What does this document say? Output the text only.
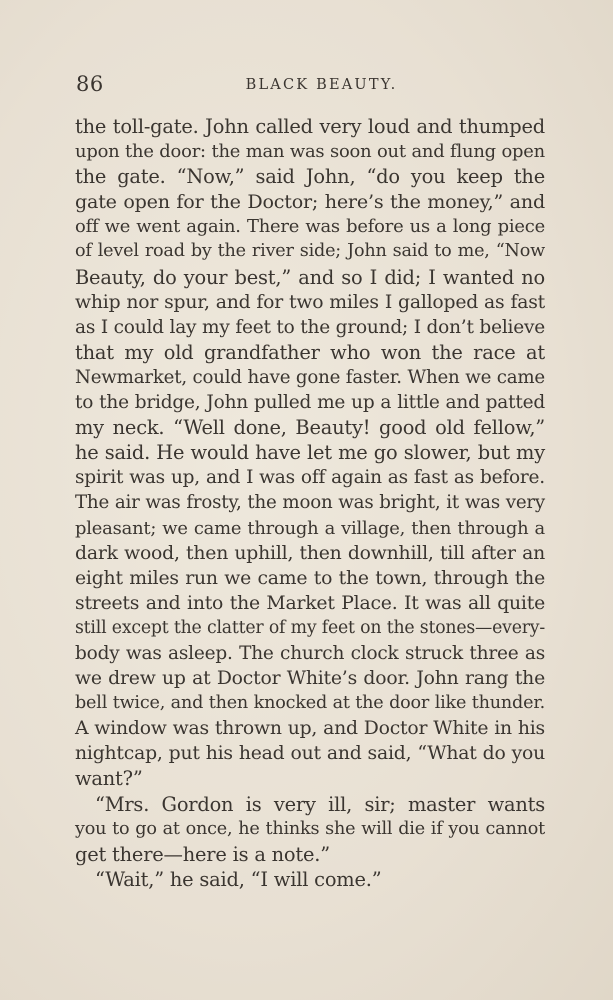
86	BLACK BEAUTY.
the toll-gate. John called very loud and thumped
upon the door: the man was soon out and flung open
the gate. “Now,” said John, “do you keep the
gate open for the Doctor; here’s the money,” and
off we went again. There was before us a long piece
of level road by the river side; John said to me, “Now
Beauty, do your best,” and so I did; I wanted no
whip nor spur, and for two miles I galloped as fast
as I could lay my feet to the ground; I don’t believe
that my old grandfather who won the race at
Newmarket, could have gone faster. When we came
to the bridge, John pulled me up a little and patted
my neck. “Well done, Beauty! good old fellow,”
he said. He would have let me go slower, but my
spirit was up, and I was off again as fast as before.
The air was frosty, the moon was bright, it was very
pleasant; we came through a village, then through a
dark wood, then uphill, then downhill, till after an
eight miles run we came to the town, through the
streets and into the Market Place. It was all quite
still except the clatter of my feet on the stones—every-
body was asleep. The church clock struck three as
we drew up at Doctor White’s door. John rang the
bell twice, and then knocked at the door like thunder.
A window was thrown up, and Doctor White in his
nightcap, put his head out and said, “What do you
want?”
“Mrs. Gordon is very ill, sir; master wants
you to go at once, he thinks she will die if you cannot
get there—here is a note.”
“Wait,” he said, “I will come.”
